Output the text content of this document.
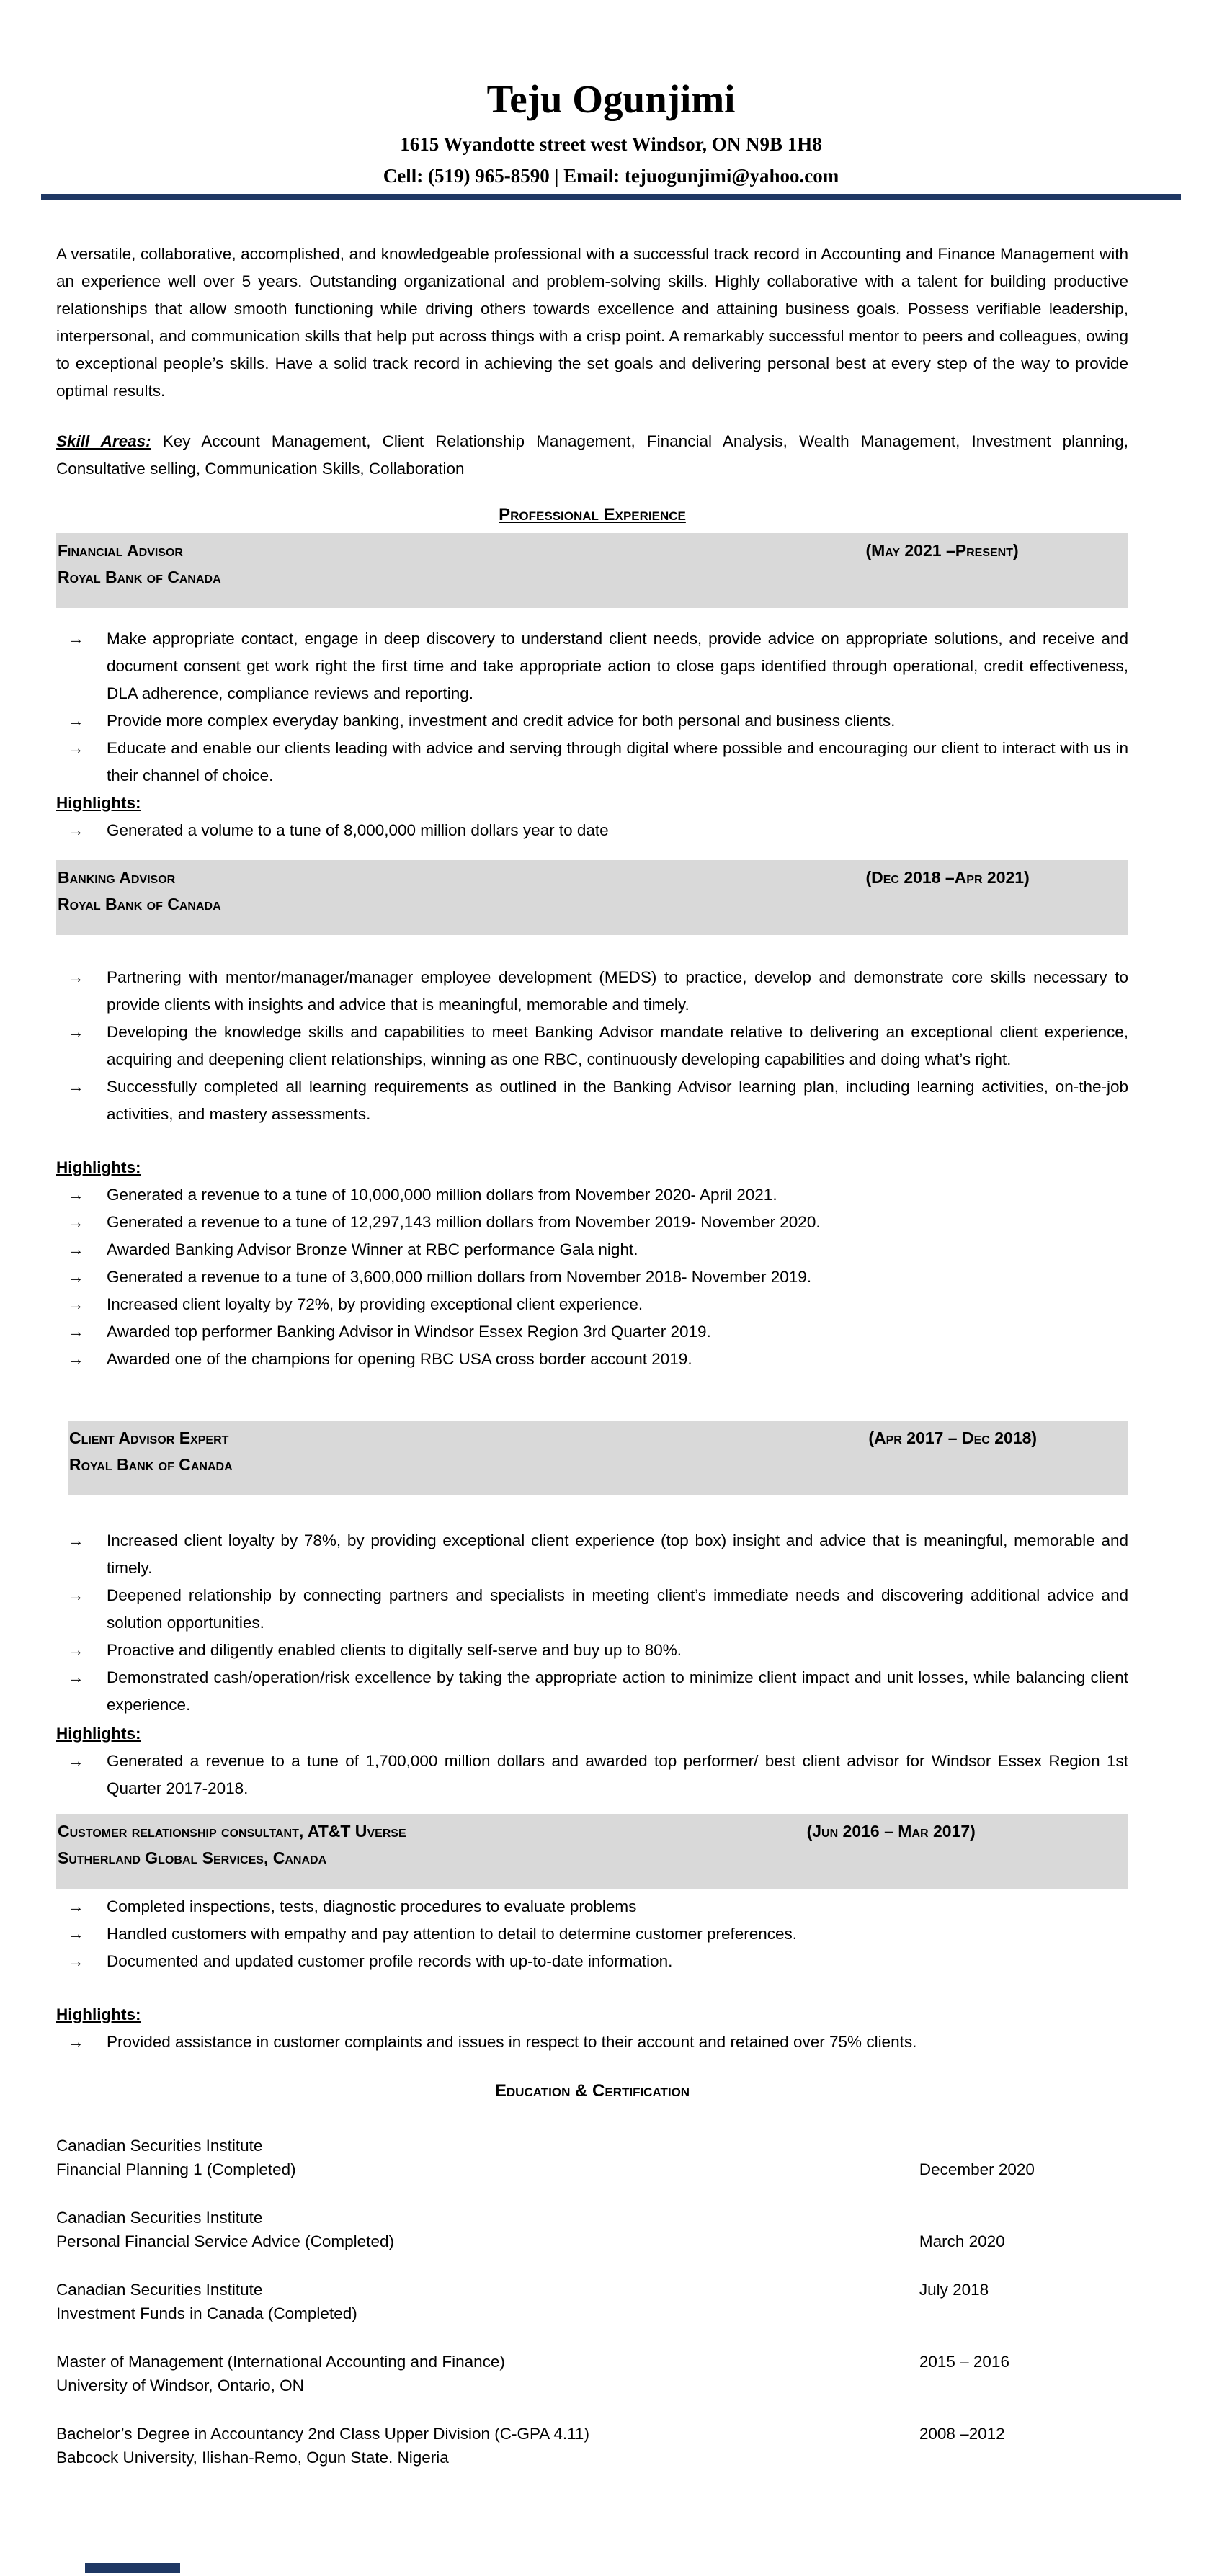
Teju Ogunjimi
1615 Wyandotte street west Windsor, ON N9B 1H8
Cell: (519) 965-8590 | Email: tejuogunjimi@yahoo.com

A versatile, collaborative, accomplished, and knowledgeable professional with a successful track record in Accounting and Finance Management with an experience well over 5 years. Outstanding organizational and problem-solving skills. Highly collaborative with a talent for building productive relationships that allow smooth functioning while driving others towards excellence and attaining business goals. Possess verifiable leadership, interpersonal, and communication skills that help put across things with a crisp point. A remarkably successful mentor to peers and colleagues, owing to exceptional people’s skills. Have a solid track record in achieving the set goals and delivering personal best at every step of the way to provide optimal results.

Skill Areas: Key Account Management, Client Relationship Management, Financial Analysis, Wealth Management, Investment planning, Consultative selling, Communication Skills, Collaboration

Professional Experience
Financial Advisor
Royal Bank of Canada
(May 2021 –Present)
→	Make appropriate contact, engage in deep discovery to understand client needs, provide advice on appropriate solutions, and receive and document consent get work right the first time and take appropriate action to close gaps identified through operational, credit effectiveness, DLA adherence, compliance reviews and reporting.
→	Provide more complex everyday banking, investment and credit advice for both personal and business clients.
→	Educate and enable our clients leading with advice and serving through digital where possible and encouraging our client to interact with us in their channel of choice.
Highlights:
→	Generated a volume to a tune of 8,000,000 million dollars year to date
Banking Advisor
Royal Bank of Canada
(Dec 2018 –Apr 2021)
→	Partnering with mentor/manager/manager employee development (MEDS) to practice, develop and demonstrate core skills necessary to provide clients with insights and advice that is meaningful, memorable and timely.
→	Developing the knowledge skills and capabilities to meet Banking Advisor mandate relative to delivering an exceptional client experience, acquiring and deepening client relationships, winning as one RBC, continuously developing capabilities and doing what’s right.
→	Successfully completed all learning requirements as outlined in the Banking Advisor learning plan, including learning activities, on-the-job activities, and mastery assessments.
Highlights:
→	Generated a revenue to a tune of 10,000,000 million dollars from November 2020- April 2021.
→	Generated a revenue to a tune of 12,297,143 million dollars from November 2019- November 2020.
→	Awarded Banking Advisor Bronze Winner at RBC performance Gala night.
→	Generated a revenue to a tune of 3,600,000 million dollars from November 2018- November 2019.
→	Increased client loyalty by 72%, by providing exceptional client experience.
→	Awarded top performer Banking Advisor in Windsor Essex Region 3rd Quarter 2019.
→	Awarded one of the champions for opening RBC USA cross border account 2019.
Client Advisor Expert
Royal Bank of Canada
(Apr 2017 – Dec 2018)
→	Increased client loyalty by 78%, by providing exceptional client experience (top box) insight and advice that is meaningful, memorable and timely.
→	Deepened relationship by connecting partners and specialists in meeting client’s immediate needs and discovering additional advice and solution opportunities.
→	Proactive and diligently enabled clients to digitally self-serve and buy up to 80%.
→	Demonstrated cash/operation/risk excellence by taking the appropriate action to minimize client impact and unit losses, while balancing client experience.
Highlights:
→	Generated a revenue to a tune of 1,700,000 million dollars and awarded top performer/ best client advisor for Windsor Essex Region 1st Quarter 2017-2018.
Customer relationship consultant, AT&T Uverse
Sutherland Global Services, Canada
(Jun 2016 – Mar 2017)
→	Completed inspections, tests, diagnostic procedures to evaluate problems
→	Handled customers with empathy and pay attention to detail to determine customer preferences.
→	Documented and updated customer profile records with up-to-date information.
Highlights:
→	Provided assistance in customer complaints and issues in respect to their account and retained over 75% clients.
Education & Certification
Canadian Securities Institute
Financial Planning 1 (Completed)	December 2020
Canadian Securities Institute
Personal Financial Service Advice (Completed)	March 2020
Canadian Securities Institute
Investment Funds in Canada (Completed)
July 2018
Master of Management (International Accounting and Finance)
University of Windsor, Ontario, ON
2015 – 2016
Bachelor’s Degree in Accountancy 2nd Class Upper Division (C-GPA 4.11)
Babcock University, Ilishan-Remo, Ogun State. Nigeria
2008 –2012
